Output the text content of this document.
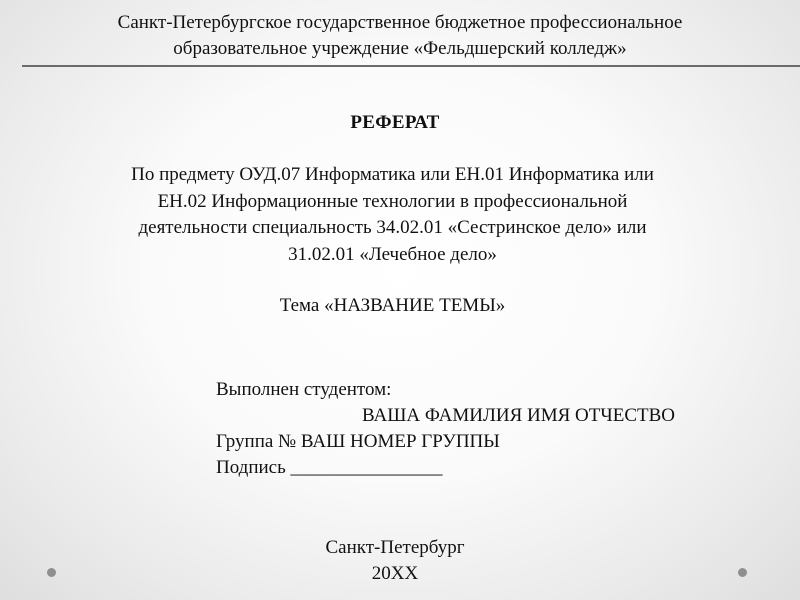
Санкт-Петербургское государственное бюджетное профессиональное
образовательное учреждение «Фельдшерский колледж»
РЕФЕРАТ
По предмету ОУД.07 Информатика или ЕН.01 Информатика или
ЕН.02 Информационные технологии в профессиональной
деятельности специальность 34.02.01 «Сестринское дело» или
31.02.01 «Лечебное дело»
Тема «НАЗВАНИЕ ТЕМЫ»
Выполнен студентом:
ВАША ФАМИЛИЯ ИМЯ ОТЧЕСТВО
Группа № ВАШ НОМЕР ГРУППЫ
Подпись ________________
Санкт-Петербург
20ХХ
